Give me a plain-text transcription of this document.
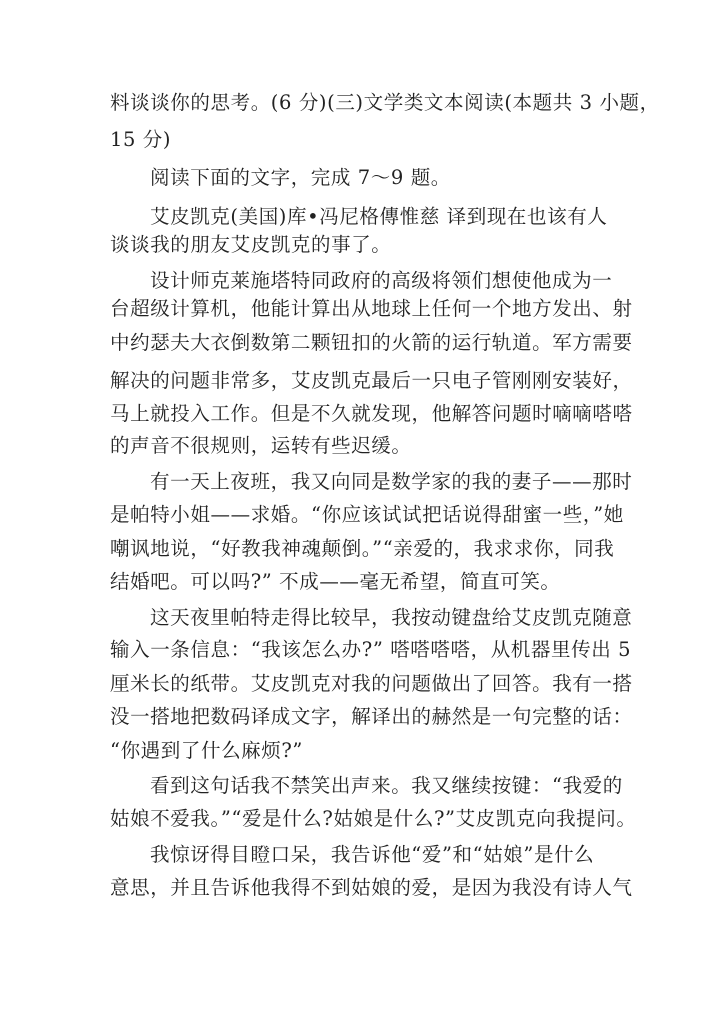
料谈谈你的思考。(6 分)(三)文学类文本阅读(本题共 3 小题，
15 分)
阅读下面的文字，完成 7～9 题。
艾皮凯克(美国)库•冯尼格傳惟慈 译到现在也该有人
谈谈我的朋友艾皮凯克的事了。
设计师克莱施塔特同政府的高级将领们想使他成为一
台超级计算机，他能计算出从地球上任何一个地方发出、射
中约瑟夫大衣倒数第二颗钮扣的火箭的运行轨道。军方需要
解决的问题非常多，艾皮凯克最后一只电子管刚刚安装好，
马上就投入工作。但是不久就发现，他解答问题时嘀嘀嗒嗒
的声音不很规则，运转有些迟缓。
有一天上夜班，我又向同是数学家的我的妻子——那时
是帕特小姐——求婚。“你应该试试把话说得甜蜜一些，”她
嘲讽地说，“好教我神魂颠倒。”“亲爱的，我求求你，同我
结婚吧。可以吗?” 不成——毫无希望，简直可笑。
这天夜里帕特走得比较早，我按动键盘给艾皮凯克随意
输入一条信息：“我该怎么办?” 嗒嗒嗒嗒，从机器里传出 5
厘米长的纸带。艾皮凯克对我的问题做出了回答。我有一搭
没一搭地把数码译成文字，解译出的赫然是一句完整的话：
“你遇到了什么麻烦?”
看到这句话我不禁笑出声来。我又继续按键：“我爱的
姑娘不爱我。”“爱是什么?姑娘是什么?”艾皮凯克向我提问。
我惊讶得目瞪口呆，我告诉他“爱”和“姑娘”是什么
意思，并且告诉他我得不到姑娘的爱，是因为我没有诗人气
